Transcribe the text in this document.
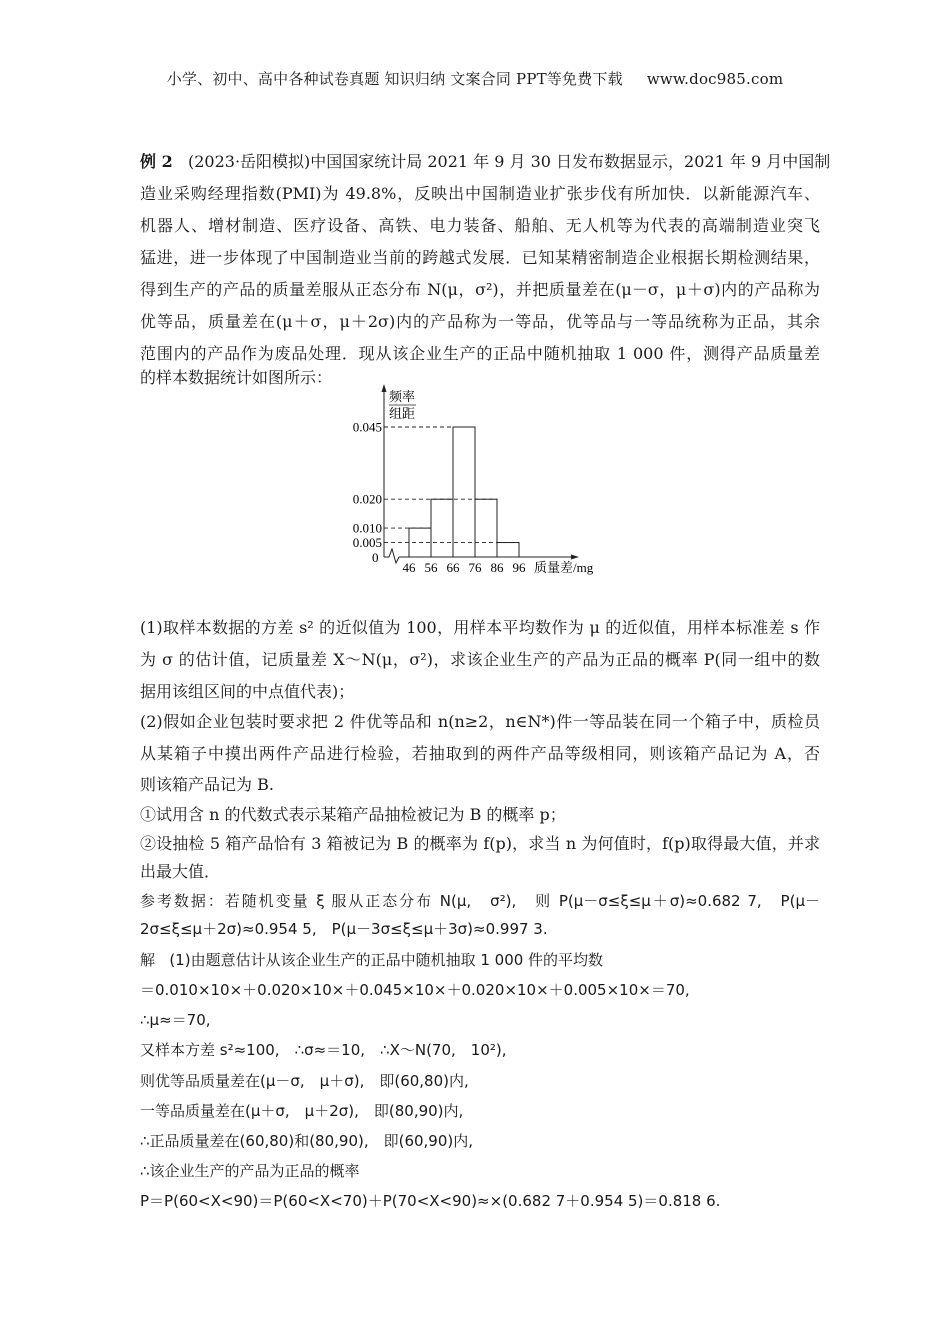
小学、初中、高中各种试卷真题 知识归纳 文案合同 PPT等免费下载 www.doc985.com
例 2 (2023·岳阳模拟)中国国家统计局 2021 年 9 月 30 日发布数据显示，2021 年 9 月中国制
造业采购经理指数(PMI)为 49.8%，反映出中国制造业扩张步伐有所加快．以新能源汽车、
机器人、增材制造、医疗设备、高铁、电力装备、船舶、无人机等为代表的高端制造业突飞
猛进，进一步体现了中国制造业当前的跨越式发展．已知某精密制造企业根据长期检测结果，
得到生产的产品的质量差服从正态分布 N(μ，σ²)，并把质量差在(μ－σ，μ＋σ)内的产品称为
优等品，质量差在(μ＋σ，μ＋2σ)内的产品称为一等品，优等品与一等品统称为正品，其余
范围内的产品作为废品处理．现从该企业生产的正品中随机抽取 1 000 件，测得产品质量差
的样本数据统计如图所示：
频率
组距
0
质量差/mg
0.005
0.010
0.020
0.045
46 56 66 76 86 96
(1)取样本数据的方差 s² 的近似值为 100，用样本平均数作为 μ 的近似值，用样本标准差 s 作
为 σ 的估计值，记质量差 X～N(μ，σ²)，求该企业生产的产品为正品的概率 P(同一组中的数
据用该组区间的中点值代表)；
(2)假如企业包装时要求把 2 件优等品和 n(n≥2，n∈N*)件一等品装在同一个箱子中，质检员
从某箱子中摸出两件产品进行检验，若抽取到的两件产品等级相同，则该箱产品记为 A，否
则该箱产品记为 B.
①试用含 n 的代数式表示某箱产品抽检被记为 B 的概率 p；
②设抽检 5 箱产品恰有 3 箱被记为 B 的概率为 f(p)，求当 n 为何值时，f(p)取得最大值，并求
出最大值．
参考数据：若随机变量 ξ 服从正态分布 N(μ,　σ²),　则 P(μ－σ≤ξ≤μ＋σ)≈0.682 7,　P(μ－
2σ≤ξ≤μ＋2σ)≈0.954 5,　P(μ－3σ≤ξ≤μ＋3σ)≈0.997 3.
解 (1)由题意估计从该企业生产的正品中随机抽取 1 000 件的平均数
＝0.010×10×＋0.020×10×＋0.045×10×＋0.020×10×＋0.005×10×＝70,
∴μ≈＝70,
又样本方差 s²≈100,　∴σ≈＝10,　∴X～N(70,　10²),
则优等品质量差在(μ－σ,　μ＋σ),　即(60,80)内,
一等品质量差在(μ＋σ,　μ＋2σ),　即(80,90)内,
∴正品质量差在(60,80)和(80,90),　即(60,90)内,
∴该企业生产的产品为正品的概率
P＝P(60<X<90)＝P(60<X<70)＋P(70<X<90)≈×(0.682 7＋0.954 5)＝0.818 6.
